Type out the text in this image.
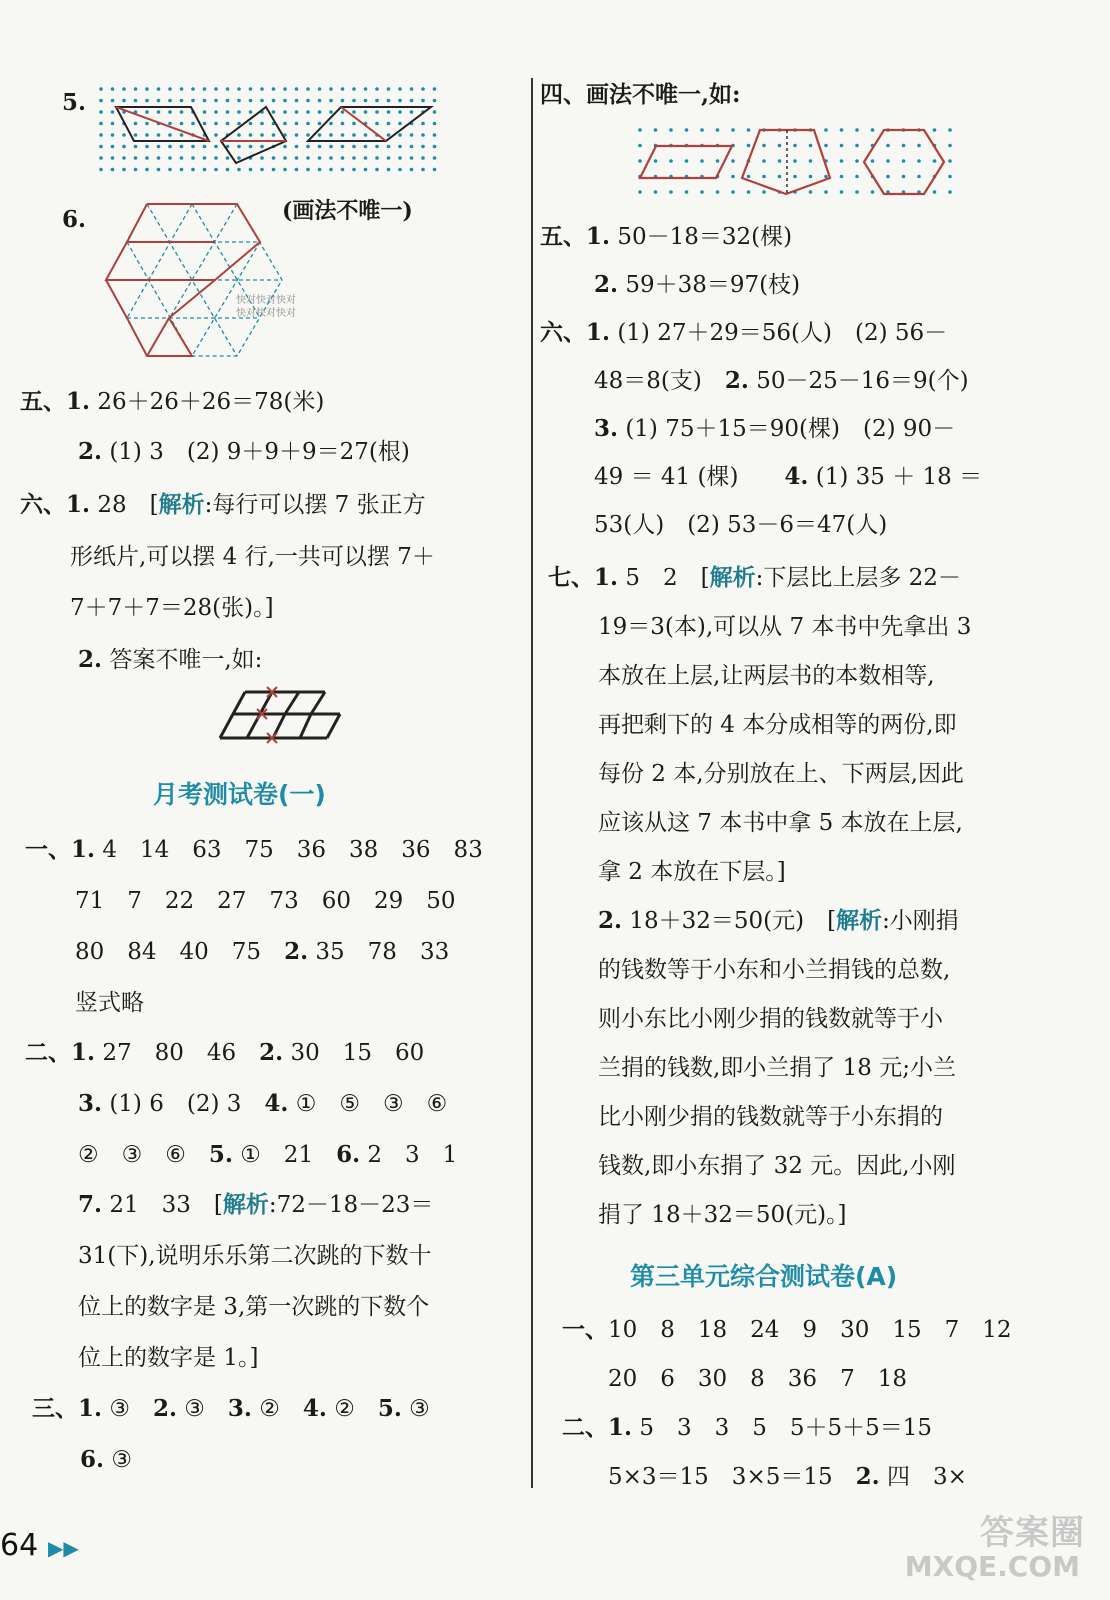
5.
6.	(画法不唯一)
快对快对快对
快对快对快对
五、1. 26＋26＋26＝78(米)
2. (1) 3　(2) 9＋9＋9＝27(根)
六、1. 28　[解析:每行可以摆 7 张正方
形纸片,可以摆 4 行,一共可以摆 7＋
7＋7＋7＝28(张)。]
2. 答案不唯一,如:
月考测试卷(一)
一、1. 4　14　63　75　36　38　36　83
71　7　22　27　73　60　29　50
80　84　40　75　 2. 35　78　33
竖式略
二、1. 27　80　46　 2. 30　15　60
3. (1) 6　(2) 3　 4. ①　⑤　③　⑥
②　③　⑥　 5. ①　21　 6. 2　3　1
7. 21　33　[解析:72－18－23＝
31(下),说明乐乐第二次跳的下数十
位上的数字是 3,第一次跳的下数个
位上的数字是 1。]
三、1. ③　 2. ③　 3. ②　 4. ②　 5. ③
6. ③
四、画法不唯一,如:
五、1. 50－18＝32(棵)
2. 59＋38＝97(枝)
六、1. (1) 27＋29＝56(人)　(2) 56－
48＝8(支)　 2. 50－25－16＝9(个)
3. (1) 75＋15＝90(棵)　(2) 90－
49 ＝ 41 (棵)　　 4. (1) 35 ＋ 18 ＝
53(人)　(2) 53－6＝47(人)
七、1. 5　2　[解析:下层比上层多 22－
19＝3(本),可以从 7 本书中先拿出 3
本放在上层,让两层书的本数相等,
再把剩下的 4 本分成相等的两份,即
每份 2 本,分别放在上、下两层,因此
应该从这 7 本书中拿 5 本放在上层,
拿 2 本放在下层。]
2. 18＋32＝50(元)　[解析:小刚捐
的钱数等于小东和小兰捐钱的总数,
则小东比小刚少捐的钱数就等于小
兰捐的钱数,即小兰捐了 18 元;小兰
比小刚少捐的钱数就等于小东捐的
钱数,即小东捐了 32 元。因此,小刚
捐了 18＋32＝50(元)。]
第三单元综合测试卷(A)
一、10　8　18　24　9　30　15　7　12
20　6　30　8　36　7　18
二、1. 5　3　3　5　5＋5＋5＝15
5×3＝15　3×5＝15　 2. 四　3×
64 ▶▶	答案圈
MXQE.COM
